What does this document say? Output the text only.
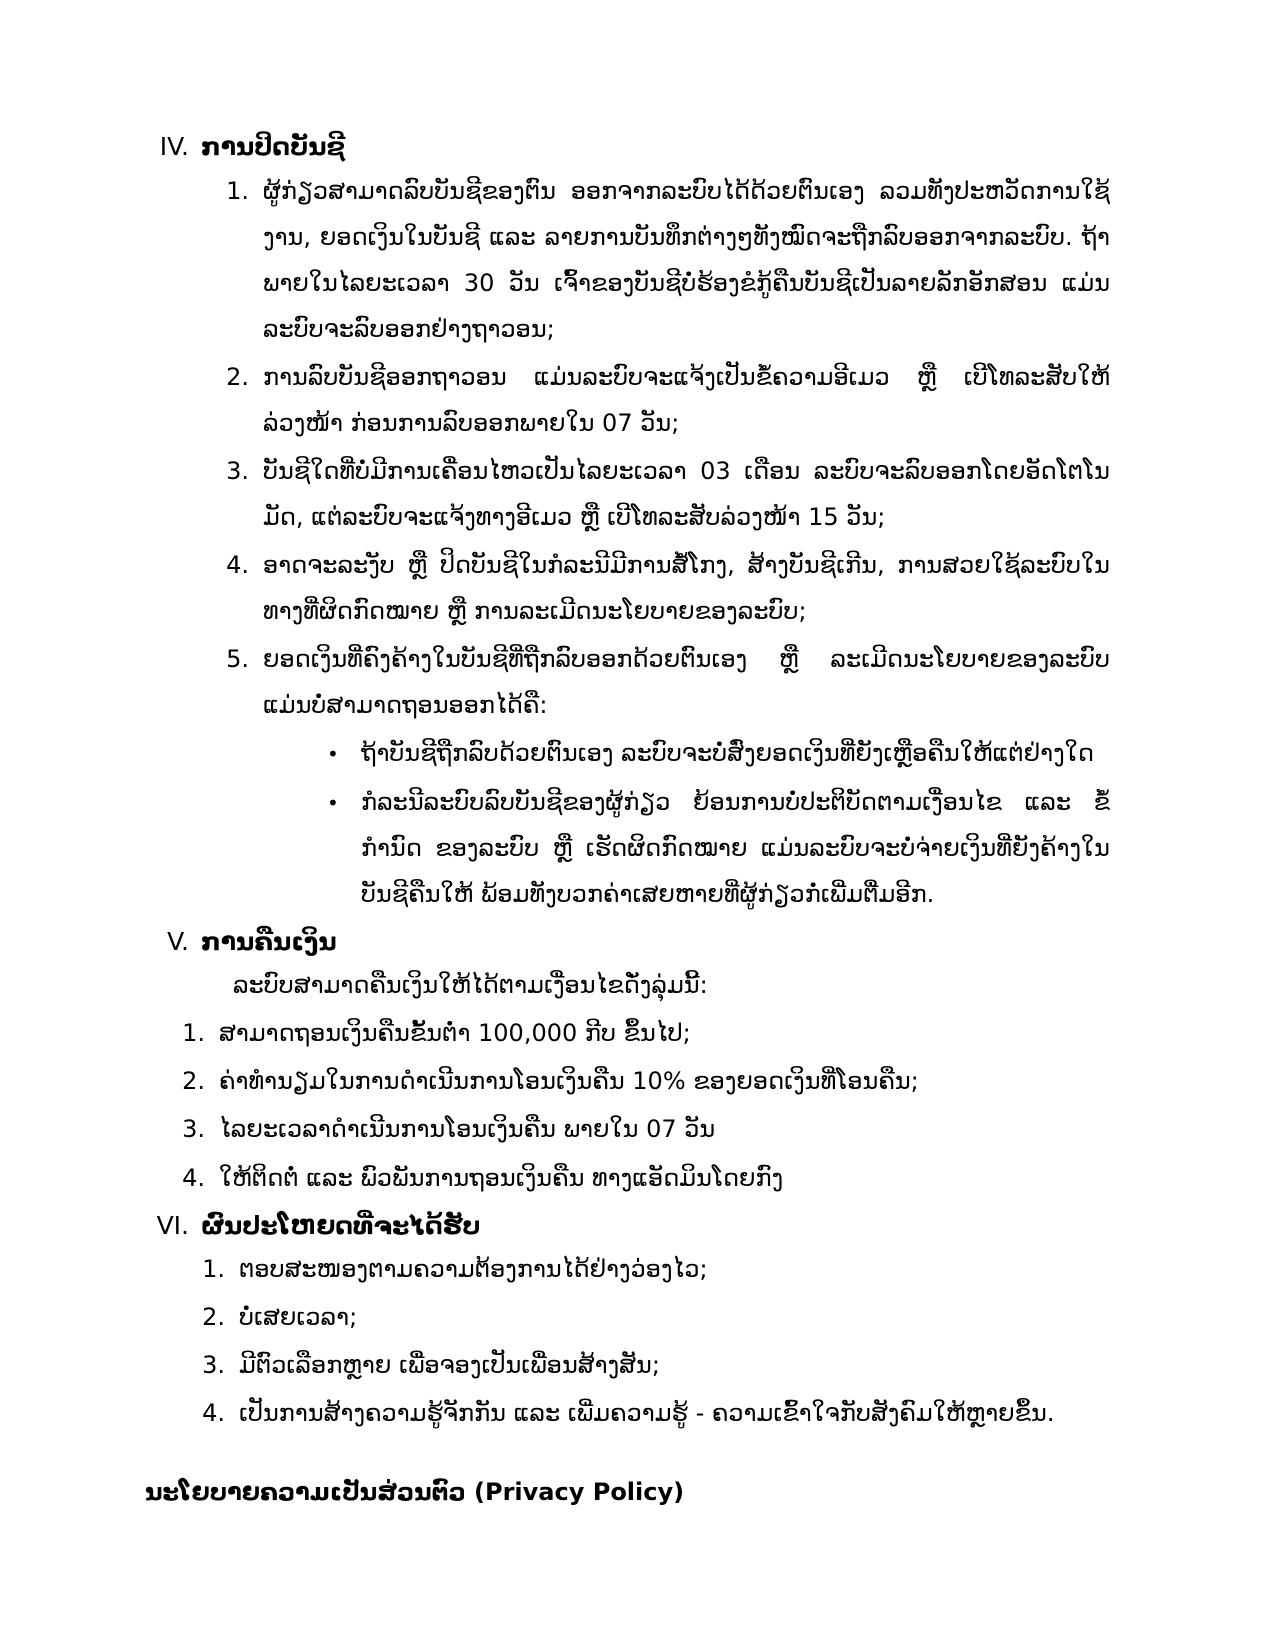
IV. ການປິດບັນຊີ
1. ຜູ້ກ່ຽວສາມາດລົບບັນຊີຂອງຕົນ ອອກຈາກລະບົບໄດ້ດ້ວຍຕົນເອງ ລວມທັງປະຫວັດການໃຊ້ງານ, ຍອດເງິນໃນບັນຊີ ແລະ ລາຍການບັນທຶກຕ່າງໆທັງໝົດຈະຖືກລົບອອກຈາກລະບົບ. ຖ້າພາຍໃນໄລຍະເວລາ 30 ວັນ ເຈົ້າຂອງບັນຊີບໍ່ຮ້ອງຂໍກູ້ຄືນບັນຊີເປັນລາຍລັກອັກສອນ ແມ່ນລະບົບຈະລົບອອກຢ່າງຖາວອນ;
2. ການລົບບັນຊີອອກຖາວອນ ແມ່ນລະບົບຈະແຈ້ງເປັນຂໍ້ຄວາມອີເມວ ຫຼື ເບີໂທລະສັບໃຫ້ລ່ວງໜ້າ ກ່ອນການລົບອອກພາຍໃນ 07 ວັນ;
3. ບັນຊີໃດທີ່ບໍ່ມີການເຄື່ອນໄຫວເປັນໄລຍະເວລາ 03 ເດືອນ ລະບົບຈະລົບອອກໂດຍອັດໂຕໂນມັດ, ແຕ່ລະບົບຈະແຈ້ງທາງອີເມວ ຫຼື ເບີໂທລະສັບລ່ວງໜ້າ 15 ວັນ;
4. ອາດຈະລະງັບ ຫຼື ປິດບັນຊີໃນກໍລະນີມີການສໍ້ໂກງ, ສ້າງບັນຊີເກີນ, ການສວຍໃຊ້ລະບົບໃນທາງທີ່ຜິດກົດໝາຍ ຫຼື ການລະເມີດນະໂຍບາຍຂອງລະບົບ;
5. ຍອດເງິນທີ່ຄົງຄ້າງໃນບັນຊີທີ່ຖືກລົບອອກດ້ວຍຕົນເອງ ຫຼື ລະເມີດນະໂຍບາຍຂອງລະບົບ ແມ່ນບໍ່ສາມາດຖອນອອກໄດ້ຄື:
• ຖ້າບັນຊີຖືກລົບດ້ວຍຕົນເອງ ລະບົບຈະບໍ່ສົ່ງຍອດເງິນທີ່ຍັງເຫຼືອຄືນໃຫ້ແຕ່ຢ່າງໃດ
• ກໍລະນີລະບົບລົບບັນຊີຂອງຜູ້ກ່ຽວ ຍ້ອນການບໍ່ປະຕິບັດຕາມເງື່ອນໄຂ ແລະ ຂໍ້ກຳນົດ ຂອງລະບົບ ຫຼື ເຮັດຜິດກົດໝາຍ ແມ່ນລະບົບຈະບໍ່ຈ່າຍເງິນທີ່ຍັງຄ້າງໃນບັນຊີຄືນໃຫ້ ພ້ອມທັງບວກຄ່າເສຍຫາຍທີ່ຜູ້ກ່ຽວກໍ່ເພີ່ມຕື່ມອີກ.
V. ການຄືນເງິນ

ລະບົບສາມາດຄືນເງິນໃຫ້ໄດ້ຕາມເງື່ອນໄຂດັ່ງລຸ່ມນີ້:

1. ສາມາດຖອນເງິນຄືນຂັ້ນຕ່ຳ 100,000 ກີບ ຂຶ້ນໄປ;
2. ຄ່າທຳນຽມໃນການດຳເນີນການໂອນເງິນຄືນ 10% ຂອງຍອດເງິນທີ່ໂອນຄືນ;
3. ໄລຍະເວລາດຳເນີນການໂອນເງິນຄືນ ພາຍໃນ 07 ວັນ
4. ໃຫ້ຕິດຕໍ່ ແລະ ພົວພັນການຖອນເງິນຄືນ ທາງແອັດມິນໂດຍກົງ
VI. ຜົນປະໂຫຍດທີ່ຈະໄດ້ຮັບ
1. ຕອບສະໜອງຕາມຄວາມຕ້ອງການໄດ້ຢ່າງວ່ອງໄວ;
2. ບໍ່ເສຍເວລາ;
3. ມີຕົວເລືອກຫຼາຍ ເພື່ອຈອງເປັນເພື່ອນສ້າງສັນ;
4. ເປັນການສ້າງຄວາມຮູ້ຈັກກັນ ແລະ ເພີ່ມຄວາມຮູ້ - ຄວາມເຂົ້າໃຈກັບສັງຄົມໃຫ້ຫຼາຍຂຶ້ນ.

ນະໂຍບາຍຄວາມເປັນສ່ວນຕົວ (Privacy Policy)
